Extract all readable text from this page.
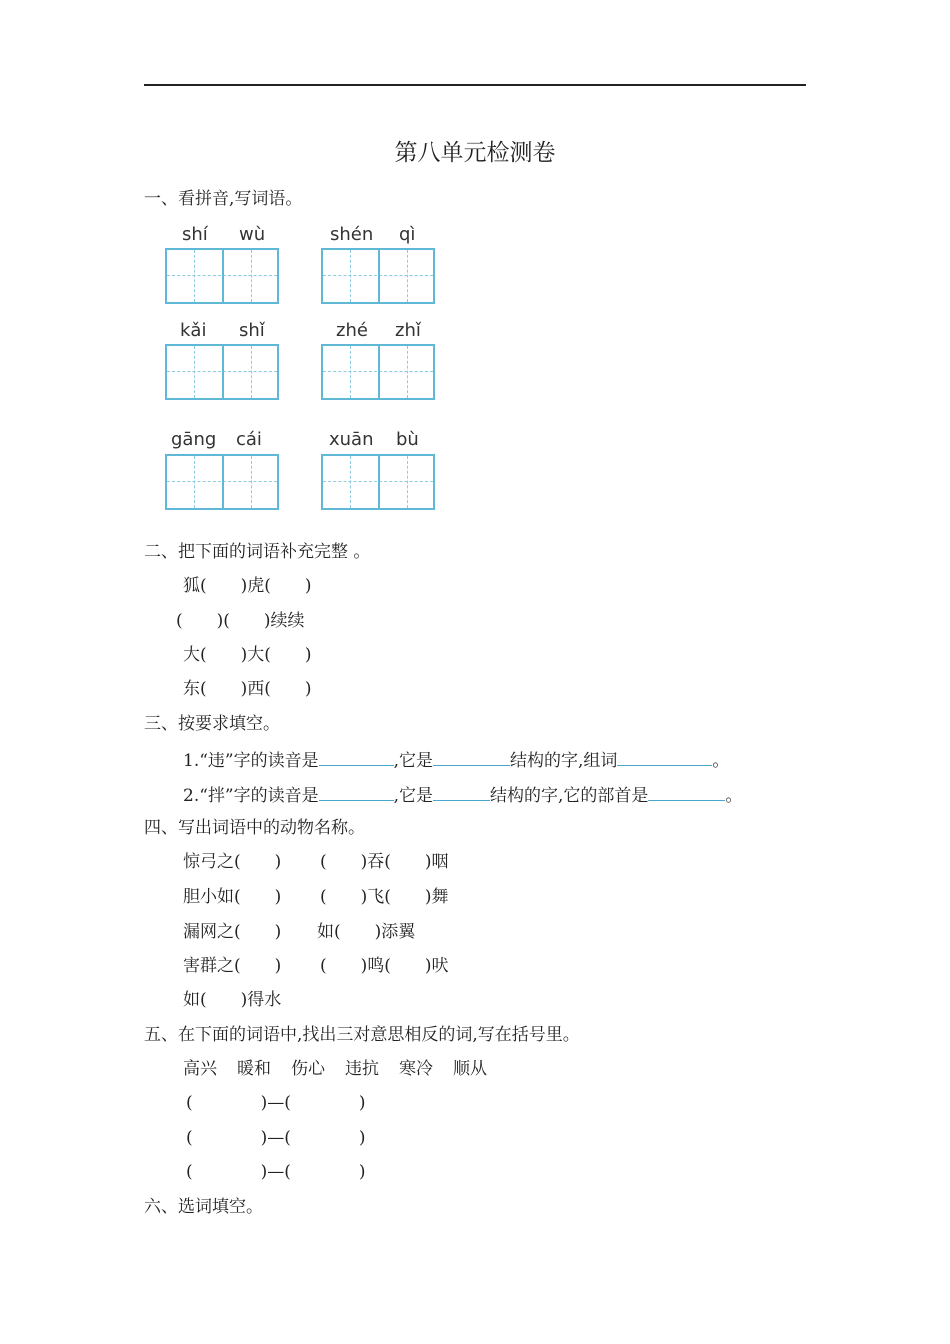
第八单元检测卷
一、看拼音,写词语。
shí wù	shén qì
kǎi shǐ	zhé zhǐ
gāng cái	xuān bù
二、把下面的词语补充完整 。
狐(　　)虎(　　)
(　　)(　　)续续
大(　　)大(　　)
东(　　)西(　　)
三、按要求填空。
1.“违”字的读音是	,它是	结构的字,组词	。
2.“拌”字的读音是	,它是	结构的字,它的部首是	。
四、写出词语中的动物名称。
惊弓之(　　) (　　)吞(　　)咽
胆小如(　　) (　　)飞(　　)舞
漏网之(　　) 如(　　)添翼
害群之(　　) (　　)鸣(　　)吠
如(　　)得水
五、在下面的词语中,找出三对意思相反的词,写在括号里。
高兴 暖和 伤心 违抗 寒冷 顺从
(　　　　)—(　　　　)
(　　　　)—(　　　　)
(　　　　)—(　　　　)
六、选词填空。
